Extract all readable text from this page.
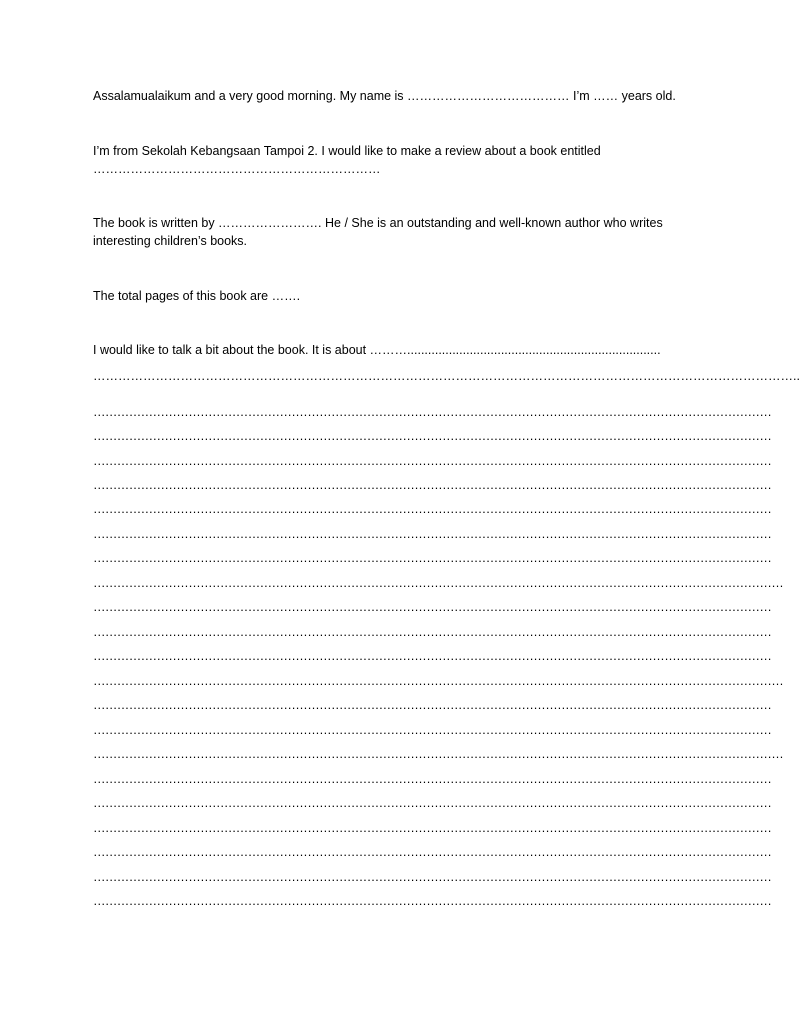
Assalamualaikum and a very good morning. My name is ………………………………… I’m …… years old.

I’m from Sekolah Kebangsaan Tampoi 2. I would like to make a review about a book entitled

……………………………………………………………

The book is written by ……………………. He / She is an outstanding and well-known author who writes

interesting children’s books.

The total pages of this book are …….

I would like to talk a bit about the book. It is about ……….........................................................................

……………………………………………………………………………………………………………………………………………………..

………………………………………………………………………………………………………………………………………………………

………………………………………………………………………………………………………………………………………………………

………………………………………………………………………………………………………………………………………………………

………………………………………………………………………………………………………………………………………………………

………………………………………………………………………………………………………………………………………………………

………………………………………………………………………………………………………………………………………………………

………………………………………………………………………………………………………………………………………………………

…………………………………………………………………………………………………………………………………………………………

………………………………………………………………………………………………………………………………………………………

………………………………………………………………………………………………………………………………………………………

………………………………………………………………………………………………………………………………………………………

…………………………………………………………………………………………………………………………………………………………

………………………………………………………………………………………………………………………………………………………

………………………………………………………………………………………………………………………………………………………

…………………………………………………………………………………………………………………………………………………………

………………………………………………………………………………………………………………………………………………………

………………………………………………………………………………………………………………………………………………………

………………………………………………………………………………………………………………………………………………………

………………………………………………………………………………………………………………………………………………………

………………………………………………………………………………………………………………………………………………………

………………………………………………………………………………………………………………………………………………………
